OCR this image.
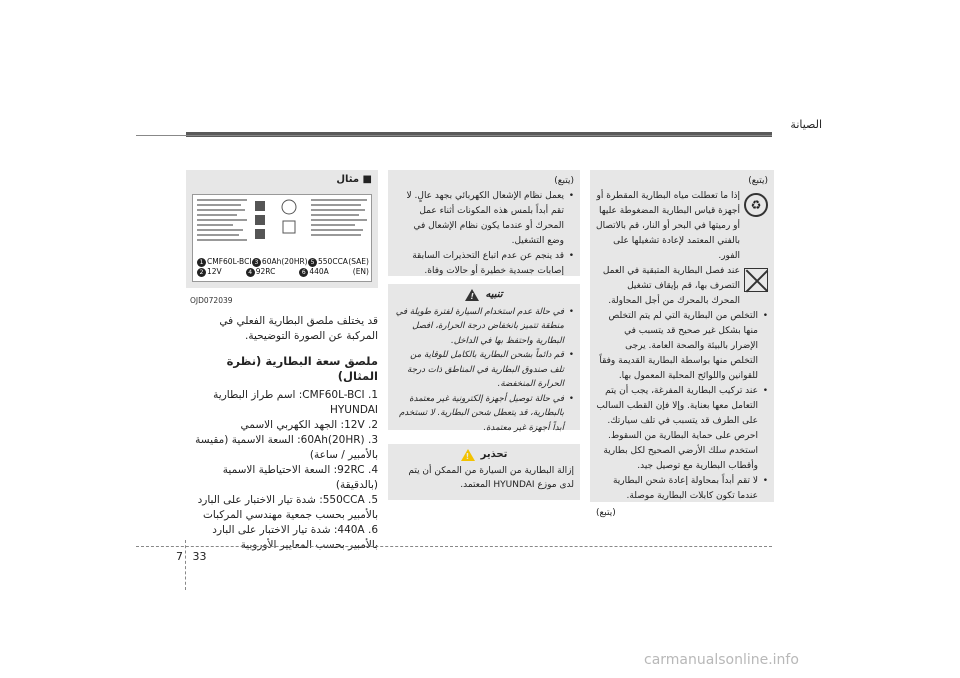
الصيانة
(يتبع)
♻
إذا ما تعطلت مياه البطارية المقطرة أو أجهزة قياس البطارية المضغوطة عليها أو رميتها في البحر أو النار، قم بالاتصال بالفني المعتمد لإعادة تشغيلها على الفور.
عند فصل البطارية المتبقية في العمل التصرف بها، قم بإيقاف تشغيل المحرك بالمحرك من أجل المحاولة.
• التخلص من البطارية التي لم يتم التخلص منها بشكل غير صحيح قد يتسبب في الإضرار بالبيئة والصحة العامة. يرجى التخلص منها بواسطة البطارية القديمة وفقاً للقوانين واللوائح المحلية المعمول بها.
• عند تركيب البطارية المفرغة، يجب أن يتم التعامل معها بعناية. وإلا فإن القطب السالب على الطرف قد يتسبب في تلف سيارتك. احرص على حماية البطارية من السقوط. استخدم سلك الأرضي الصحيح لكل بطارية وأقطاب البطارية مع توصيل جيد.
• لا تقم أبداً بمحاولة إعادة شحن البطارية عندما تكون كابلات البطارية موصلة.
(يتبع)
(يتبع)
• يعمل نظام الإشعال الكهربائي بجهد عالٍ. لا تقم أبداً بلمس هذه المكونات أثناء عمل المحرك أو عندما يكون نظام الإشعال في وضع التشغيل.
• قد ينجم عن عدم اتباع التحذيرات السابقة إصابات جسدية خطيرة أو حالات وفاة.
تنبيه
!
• في حالة عدم استخدام السيارة لفترة طويلة في منطقة تتميز بانخفاض درجة الحرارة، افصل البطارية واحتفظ بها في الداخل.
• قم دائماً بشحن البطارية بالكامل للوقاية من تلف صندوق البطارية في المناطق ذات درجة الحرارة المنخفضة.
• في حالة توصيل أجهزة إلكترونية غير معتمدة بالبطارية، قد يتعطل شحن البطارية. لا تستخدم أبداً أجهزة غير معتمدة.
تحذير
!
إزالة البطارية من السيارة من الممكن أن يتم لدى موزع HYUNDAI المعتمد.
■ مثال
1 CMF60L-BCI 3 60Ah(20HR) 5 550CCA (SAE)
2 12V	4 92RC	6 440A	(EN)
OJD072039
قد يختلف ملصق البطارية الفعلي في المركبة عن الصورة التوضيحية.
ملصق سعة البطارية (نظرة المثال)
1. CMF60L-BCI: اسم طراز البطارية HYUNDAI
2. 12V: الجهد الكهربي الاسمي
3. 60Ah(20HR): السعة الاسمية (مقيسة بالأمبير / ساعة)
4. 92RC: السعة الاحتياطية الاسمية (بالدقيقة)
5. 550CCA: شدة تيار الاختبار على البارد بالأمبير بحسب جمعية مهندسي المركبات
6. 440A: شدة تيار الاختبار على البارد بالأمبير بحسب المعايير الأوروبية
7 33
carmanualsonline.info
